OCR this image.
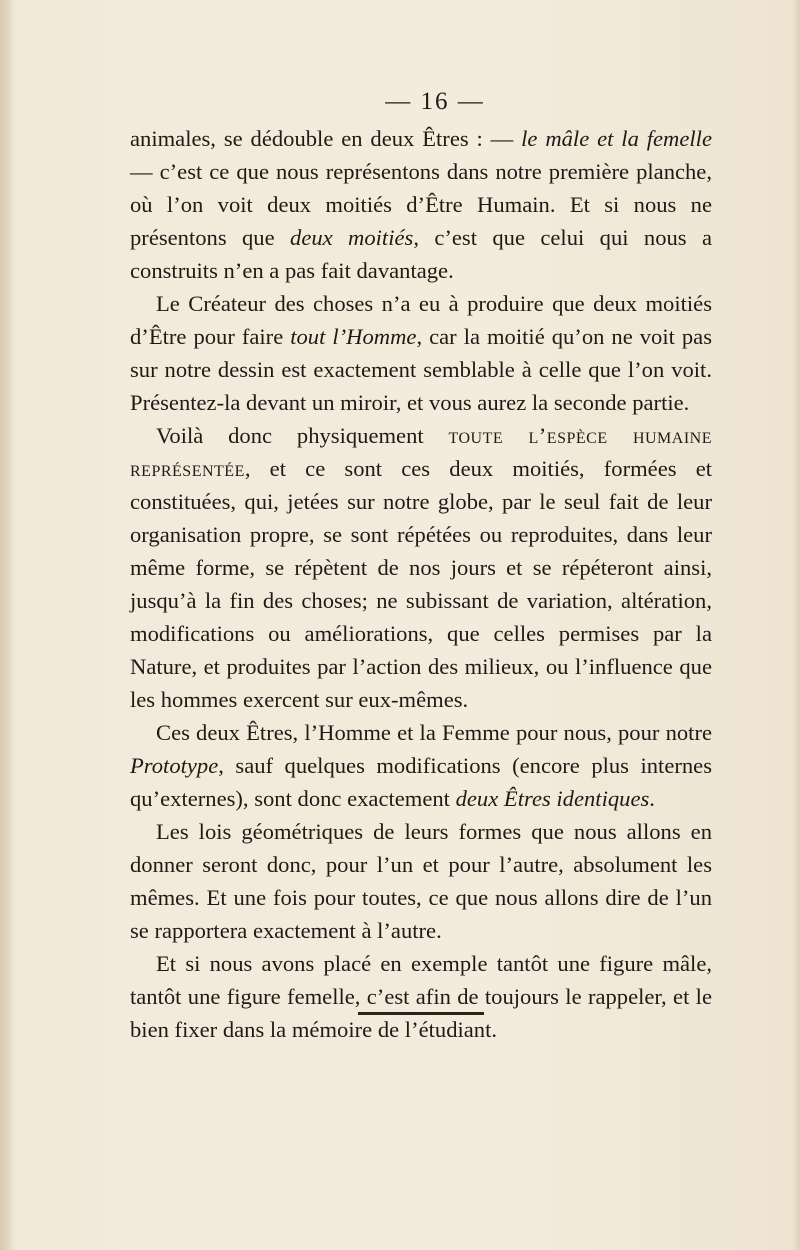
— 16 —

animales, se dédouble en deux Êtres : — le mâle et la femelle — c’est ce que nous représentons dans notre première planche, où l’on voit deux moitiés d’Être Humain. Et si nous ne présentons que deux moitiés, c’est que celui qui nous a construits n’en a pas fait davantage.

Le Créateur des choses n’a eu à produire que deux moitiés d’Être pour faire tout l’Homme, car la moitié qu’on ne voit pas sur notre dessin est exactement semblable à celle que l’on voit. Présentez-la devant un miroir, et vous aurez la seconde partie.

Voilà donc physiquement toute l’espèce humaine représentée, et ce sont ces deux moitiés, formées et constituées, qui, jetées sur notre globe, par le seul fait de leur organisation propre, se sont répétées ou reproduites, dans leur même forme, se répètent de nos jours et se répéteront ainsi, jusqu’à la fin des choses; ne subissant de variation, altération, modifications ou améliorations, que celles permises par la Nature, et produites par l’action des milieux, ou l’influence que les hommes exercent sur eux-mêmes.

Ces deux Êtres, l’Homme et la Femme pour nous, pour notre Prototype, sauf quelques modifications (encore plus internes qu’externes), sont donc exactement deux Êtres identiques.

Les lois géométriques de leurs formes que nous allons en donner seront donc, pour l’un et pour l’autre, absolument les mêmes. Et une fois pour toutes, ce que nous allons dire de l’un se rapportera exactement à l’autre.

Et si nous avons placé en exemple tantôt une figure mâle, tantôt une figure femelle, c’est afin de toujours le rappeler, et le bien fixer dans la mémoire de l’étudiant.
